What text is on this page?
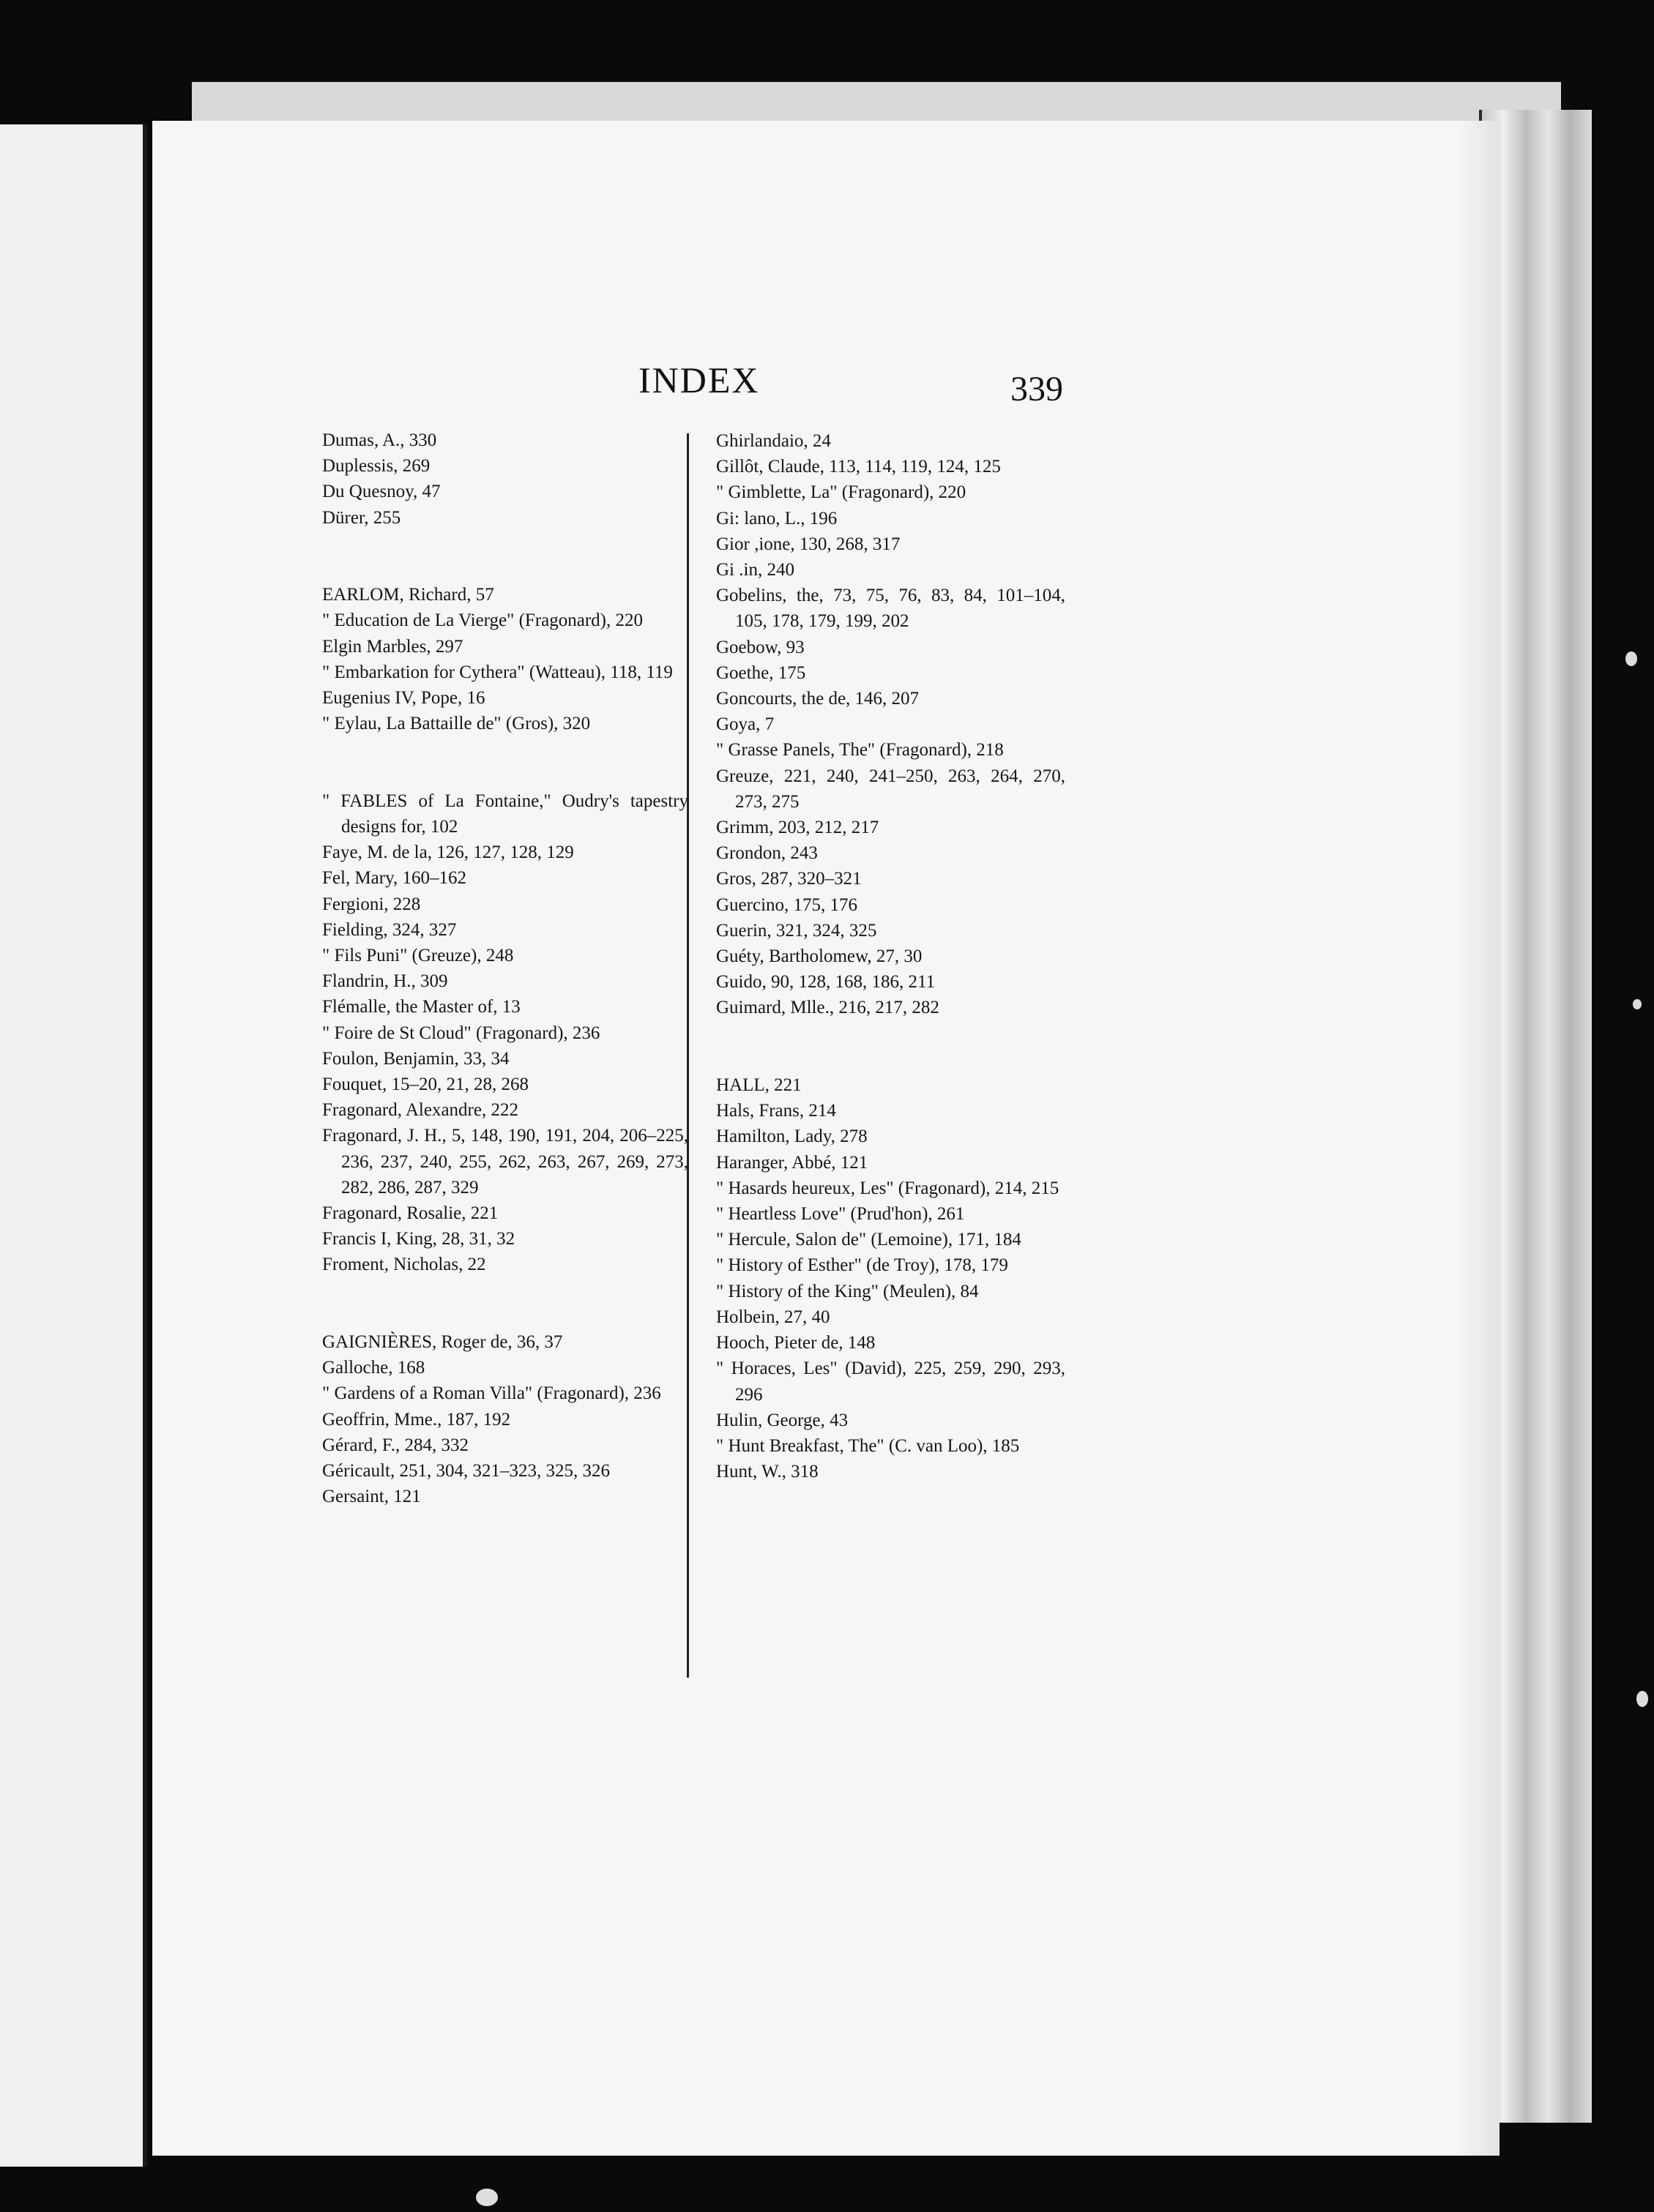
INDEX	339
Dumas, A., 330
Duplessis, 269
Du Quesnoy, 47
Dürer, 255
EARLOM, Richard, 57
" Education de La Vierge" (Fragonard), 220
Elgin Marbles, 297
" Embarkation for Cythera" (Watteau), 118, 119
Eugenius IV, Pope, 16
" Eylau, La Battaille de" (Gros), 320
" FABLES of La Fontaine," Oudry's tapestry designs for, 102
Faye, M. de la, 126, 127, 128, 129
Fel, Mary, 160–162
Fergioni, 228
Fielding, 324, 327
" Fils Puni" (Greuze), 248
Flandrin, H., 309
Flémalle, the Master of, 13
" Foire de St Cloud" (Fragonard), 236
Foulon, Benjamin, 33, 34
Fouquet, 15–20, 21, 28, 268
Fragonard, Alexandre, 222
Fragonard, J. H., 5, 148, 190, 191, 204, 206–225, 236, 237, 240, 255, 262, 263, 267, 269, 273, 282, 286, 287, 329
Fragonard, Rosalie, 221
Francis I, King, 28, 31, 32
Froment, Nicholas, 22
GAIGNIÈRES, Roger de, 36, 37
Galloche, 168
" Gardens of a Roman Villa" (Fragonard), 236
Geoffrin, Mme., 187, 192
Gérard, F., 284, 332
Géricault, 251, 304, 321–323, 325, 326
Gersaint, 121
Ghirlandaio, 24
Gillôt, Claude, 113, 114, 119, 124, 125
" Gimblette, La" (Fragonard), 220
Gi: lano, L., 196
Gior ,ione, 130, 268, 317
Gi .in, 240
Gobelins, the, 73, 75, 76, 83, 84, 101–104, 105, 178, 179, 199, 202
Goebow, 93
Goethe, 175
Goncourts, the de, 146, 207
Goya, 7
" Grasse Panels, The" (Fragonard), 218
Greuze, 221, 240, 241–250, 263, 264, 270, 273, 275
Grimm, 203, 212, 217
Grondon, 243
Gros, 287, 320–321
Guercino, 175, 176
Guerin, 321, 324, 325
Guéty, Bartholomew, 27, 30
Guido, 90, 128, 168, 186, 211
Guimard, Mlle., 216, 217, 282
HALL, 221
Hals, Frans, 214
Hamilton, Lady, 278
Haranger, Abbé, 121
" Hasards heureux, Les" (Fragonard), 214, 215
" Heartless Love" (Prud'hon), 261
" Hercule, Salon de" (Lemoine), 171, 184
" History of Esther" (de Troy), 178, 179
" History of the King" (Meulen), 84
Holbein, 27, 40
Hooch, Pieter de, 148
" Horaces, Les" (David), 225, 259, 290, 293, 296
Hulin, George, 43
" Hunt Breakfast, The" (C. van Loo), 185
Hunt, W., 318
